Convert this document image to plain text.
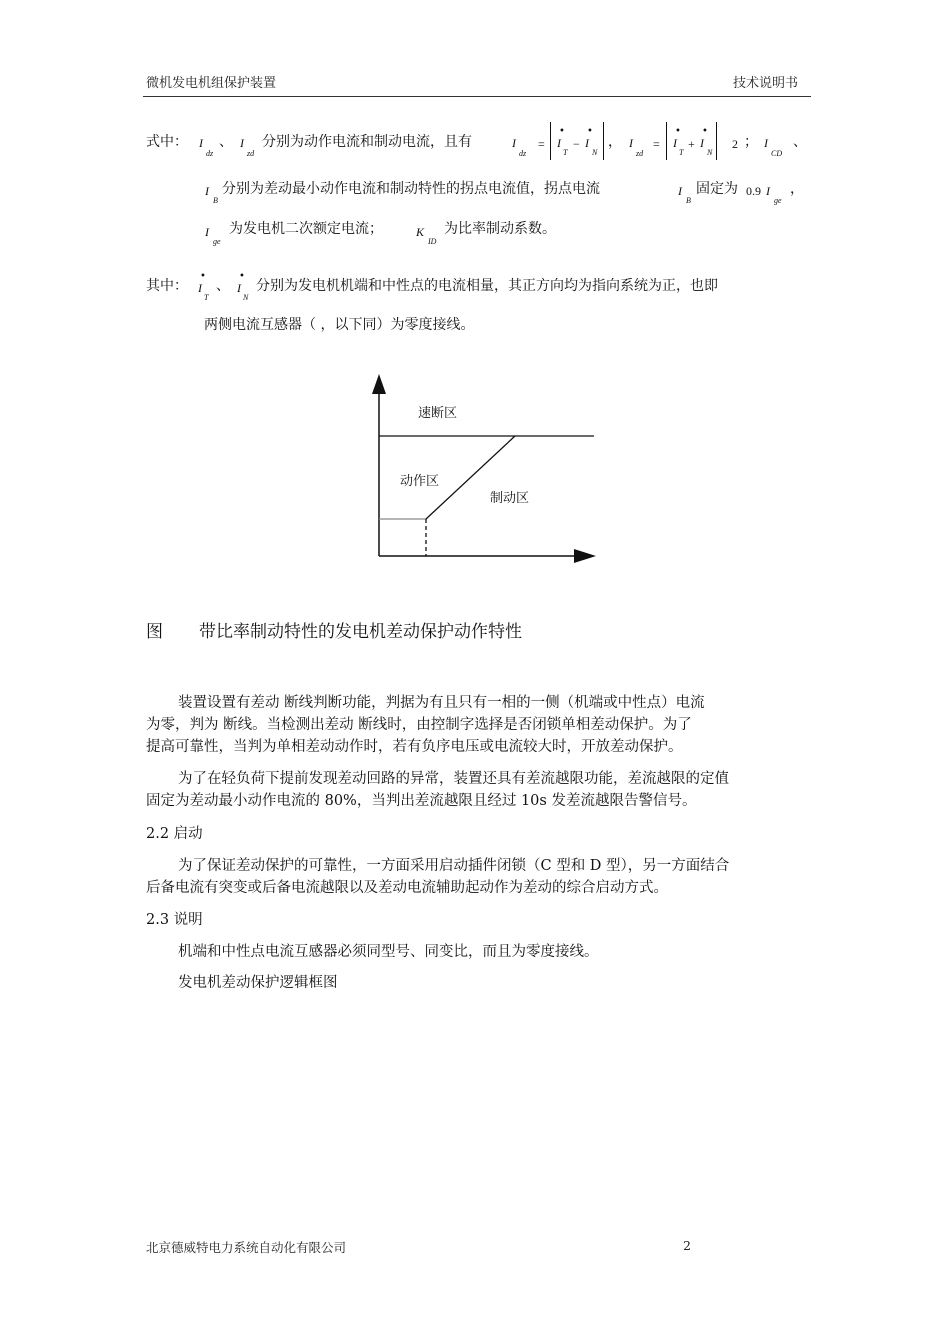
微机发电机组保护装置	技术说明书
式中： I
dz
、 I
zd
分别为动作电流和制动电流，且有	I
dz
= I
•
T
− I
•
N
， I
zd
= I
•
T
+ I
•
N
2 ； I
CD
、
I
B
分别为差动最小动作电流和制动特性的拐点电流值，拐点电流	I
B
固定为 0.9 I
ge
，
I
ge
为发电机二次额定电流；	K
ID
为比率制动系数。
其中： I
•
T
、 I
•
N
分别为发电机机端和中性点的电流相量，其正方向均为指向系统为正，也即
两侧电流互感器（ ，以下同）为零度接线。
速断区
动作区
制动区
图 带比率制动特性的发电机差动保护动作特性
装置设置有差动 断线判断功能，判据为有且只有一相的一侧（机端或中性点）电流
为零，判为 断线。当检测出差动 断线时，由控制字选择是否闭锁单相差动保护。为了
提高可靠性，当判为单相差动动作时，若有负序电压或电流较大时，开放差动保护。
为了在轻负荷下提前发现差动回路的异常，装置还具有差流越限功能，差流越限的定值
固定为差动最小动作电流的 80%，当判出差流越限且经过 10s 发差流越限告警信号。
2.2 启动
为了保证差动保护的可靠性，一方面采用启动插件闭锁（C 型和 D 型），另一方面结合
后备电流有突变或后备电流越限以及差动电流辅助起动作为差动的综合启动方式。
2.3 说明
机端和中性点电流互感器必须同型号、同变比，而且为零度接线。
发电机差动保护逻辑框图
北京德威特电力系统自动化有限公司	2
